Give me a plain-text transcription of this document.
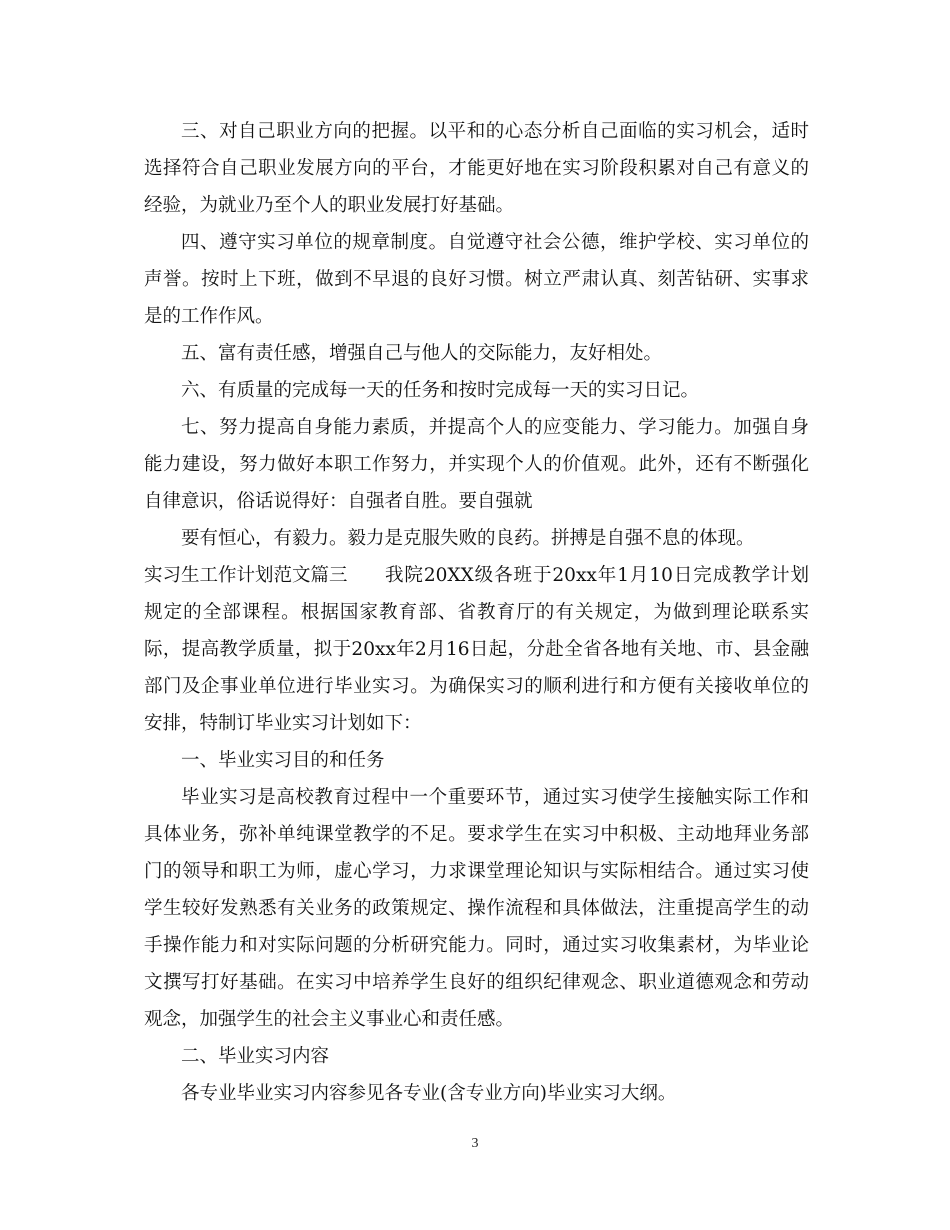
三、对自己职业方向的把握。以平和的心态分析自己面临的实习机会，适时选择符合自己职业发展方向的平台，才能更好地在实习阶段积累对自己有意义的经验，为就业乃至个人的职业发展打好基础。

四、遵守实习单位的规章制度。自觉遵守社会公德，维护学校、实习单位的声誉。按时上下班，做到不早退的良好习惯。树立严肃认真、刻苦钻研、实事求是的工作作风。

五、富有责任感，增强自己与他人的交际能力，友好相处。

六、有质量的完成每一天的任务和按时完成每一天的实习日记。

七、努力提高自身能力素质，并提高个人的应变能力、学习能力。加强自身能力建设，努力做好本职工作努力，并实现个人的价值观。此外，还有不断强化自律意识，俗话说得好：自强者自胜。要自强就

要有恒心，有毅力。毅力是克服失败的良药。拼搏是自强不息的体现。

实习生工作计划范文篇三 我院20XX级各班于20xx年1月10日完成教学计划规定的全部课程。根据国家教育部、省教育厅的有关规定，为做到理论联系实际，提高教学质量，拟于20xx年2月16日起，分赴全省各地有关地、市、县金融部门及企事业单位进行毕业实习。为确保实习的顺利进行和方便有关接收单位的安排，特制订毕业实习计划如下：

一、毕业实习目的和任务

毕业实习是高校教育过程中一个重要环节，通过实习使学生接触实际工作和具体业务，弥补单纯课堂教学的不足。要求学生在实习中积极、主动地拜业务部门的领导和职工为师，虚心学习，力求课堂理论知识与实际相结合。通过实习使学生较好发熟悉有关业务的政策规定、操作流程和具体做法，注重提高学生的动手操作能力和对实际问题的分析研究能力。同时，通过实习收集素材，为毕业论文撰写打好基础。在实习中培养学生良好的组织纪律观念、职业道德观念和劳动观念，加强学生的社会主义事业心和责任感。

二、毕业实习内容

各专业毕业实习内容参见各专业(含专业方向)毕业实习大纲。

3
